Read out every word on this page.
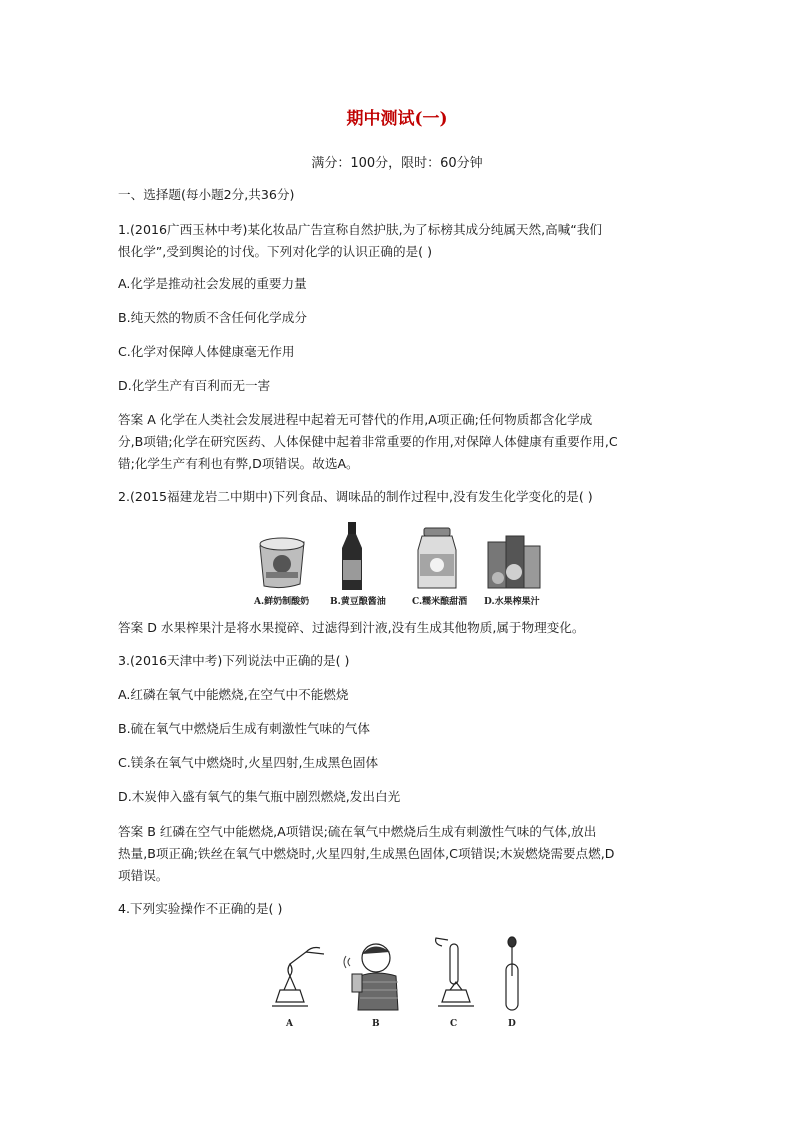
期中测试(一)
满分：100分，限时：60分钟

一、选择题(每小题2分,共36分)

1.(2016广西玉林中考)某化妆品广告宣称自然护肤,为了标榜其成分纯属天然,高喊“我们

恨化学”,受到舆论的讨伐。下列对化学的认识正确的是( )

A.化学是推动社会发展的重要力量

B.纯天然的物质不含任何化学成分

C.化学对保障人体健康毫无作用

D.化学生产有百利而无一害

答案 A 化学在人类社会发展进程中起着无可替代的作用,A项正确;任何物质都含化学成

分,B项错;化学在研究医药、人体保健中起着非常重要的作用,对保障人体健康有重要作用,C

错;化学生产有利也有弊,D项错误。故选A。

2.(2015福建龙岩二中期中)下列食品、调味品的制作过程中,没有发生化学变化的是( )

A.鲜奶制酸奶 B.黄豆酿酱油	C.糯米酿甜酒 D.水果榨果汁

答案 D 水果榨果汁是将水果搅碎、过滤得到汁液,没有生成其他物质,属于物理变化。

3.(2016天津中考)下列说法中正确的是( )

A.红磷在氧气中能燃烧,在空气中不能燃烧

B.硫在氧气中燃烧后生成有刺激性气味的气体

C.镁条在氧气中燃烧时,火星四射,生成黑色固体

D.木炭伸入盛有氧气的集气瓶中剧烈燃烧,发出白光

答案 B 红磷在空气中能燃烧,A项错误;硫在氧气中燃烧后生成有刺激性气味的气体,放出

热量,B项正确;铁丝在氧气中燃烧时,火星四射,生成黑色固体,C项错误;木炭燃烧需要点燃,D

项错误。

4.下列实验操作不正确的是( )

A	B	C	D
